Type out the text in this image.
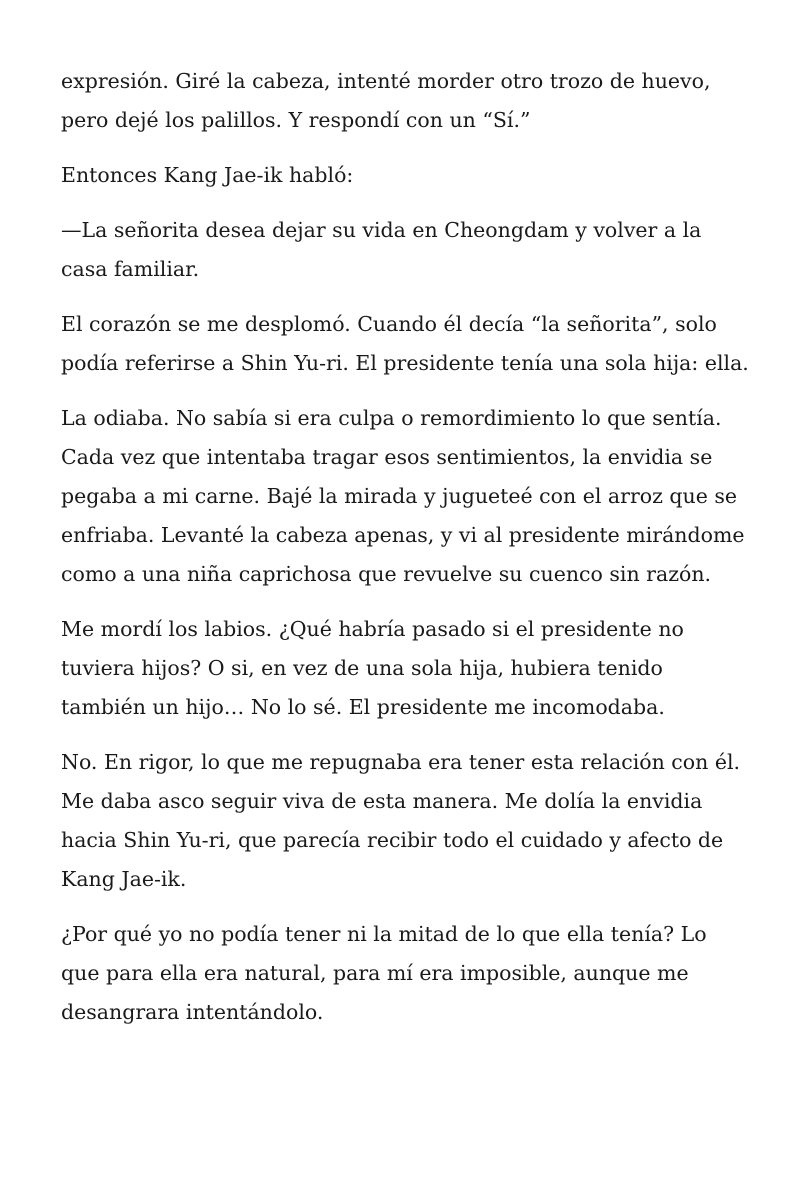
expresión. Giré la cabeza, intenté morder otro trozo de huevo, pero dejé los palillos. Y respondí con un “Sí.”

Entonces Kang Jae-ik habló:

—La señorita desea dejar su vida en Cheongdam y volver a la casa familiar.

El corazón se me desplomó. Cuando él decía “la señorita”, solo podía referirse a Shin Yu-ri. El presidente tenía una sola hija: ella.

La odiaba. No sabía si era culpa o remordimiento lo que sentía. Cada vez que intentaba tragar esos sentimientos, la envidia se pegaba a mi carne. Bajé la mirada y jugueteé con el arroz que se enfriaba. Levanté la cabeza apenas, y vi al presidente mirándome como a una niña caprichosa que revuelve su cuenco sin razón.

Me mordí los labios. ¿Qué habría pasado si el presidente no tuviera hijos? O si, en vez de una sola hija, hubiera tenido también un hijo… No lo sé. El presidente me incomodaba.

No. En rigor, lo que me repugnaba era tener esta relación con él. Me daba asco seguir viva de esta manera. Me dolía la envidia hacia Shin Yu-ri, que parecía recibir todo el cuidado y afecto de Kang Jae-ik.

¿Por qué yo no podía tener ni la mitad de lo que ella tenía? Lo que para ella era natural, para mí era imposible, aunque me desangrara intentándolo.
